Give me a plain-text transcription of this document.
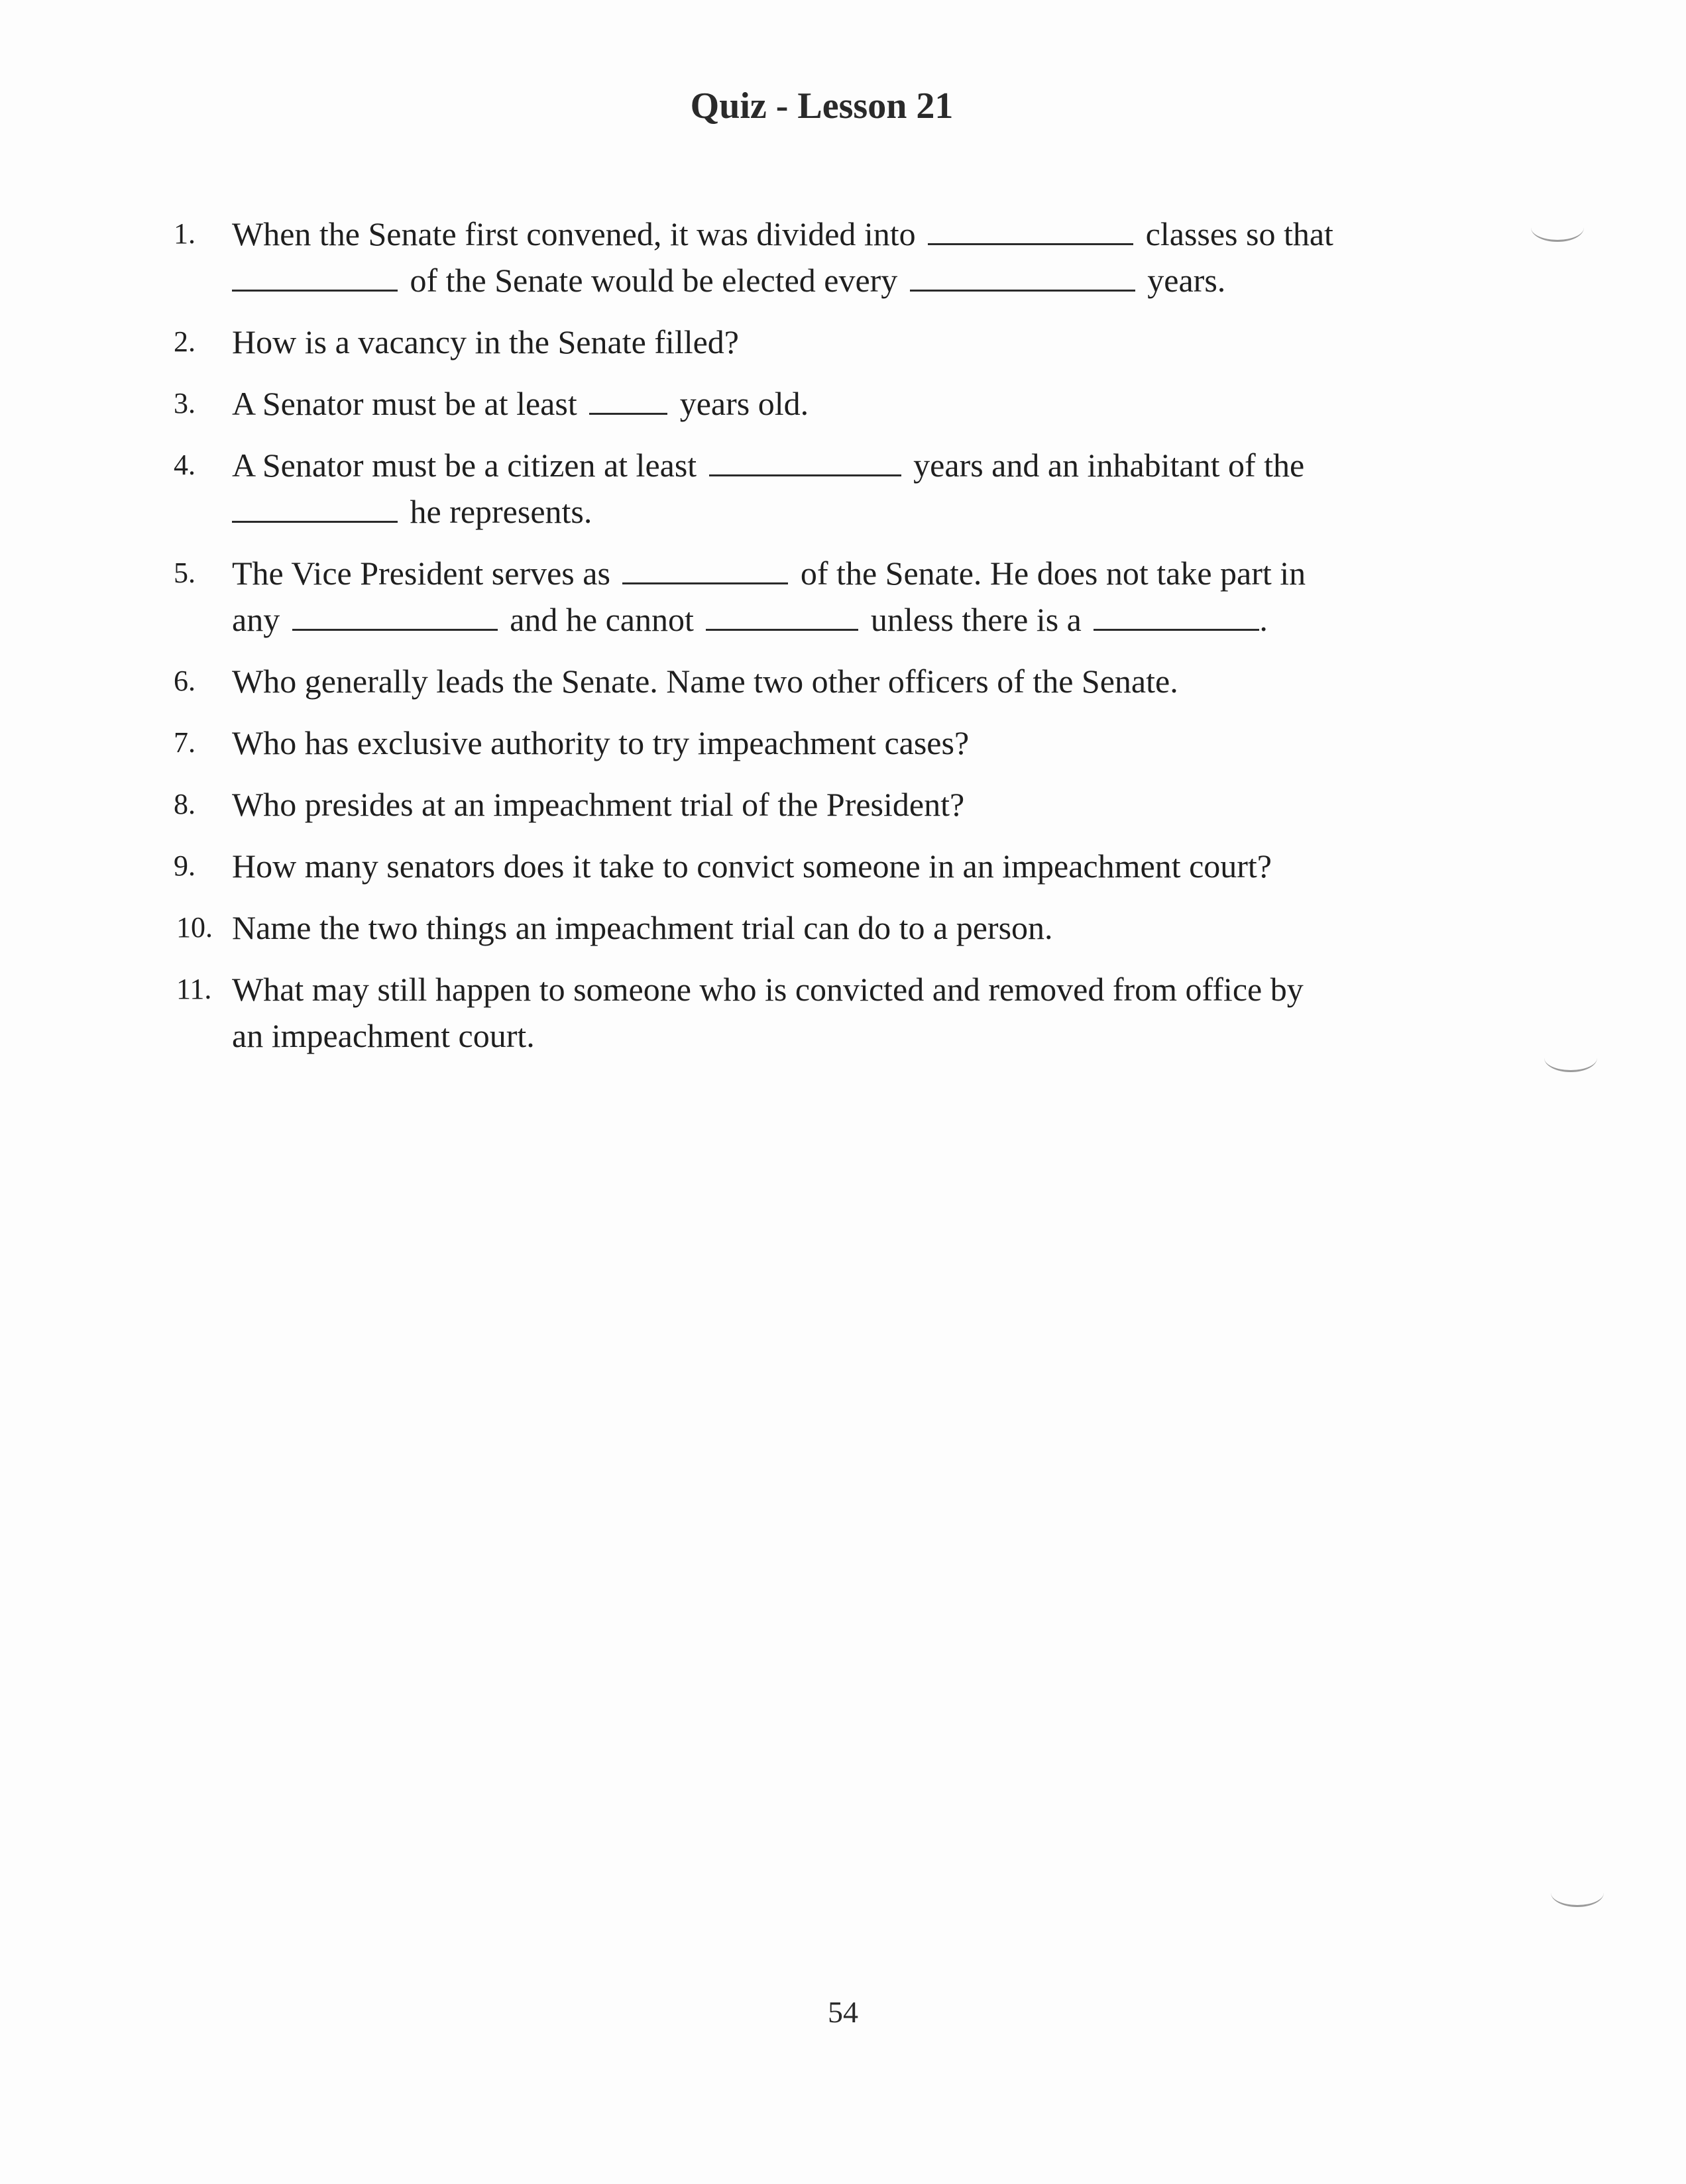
Quiz - Lesson 21
1.	When the Senate first convened, it was divided into	classes so that
of the Senate would be elected every	years.
2.	How is a vacancy in the Senate filled?
3.	A Senator must be at least	years old.
4.	A Senator must be a citizen at least	years and an inhabitant of the
he represents.
5.	The Vice President serves as	of the Senate. He does not take part in
any	and he cannot	unless there is a	.
6.	Who generally leads the Senate. Name two other officers of the Senate.
7.	Who has exclusive authority to try impeachment cases?
8.	Who presides at an impeachment trial of the President?
9.	How many senators does it take to convict someone in an impeachment court?
10. Name the two things an impeachment trial can do to a person.
11. What may still happen to someone who is convicted and removed from office by
an impeachment court.
54
